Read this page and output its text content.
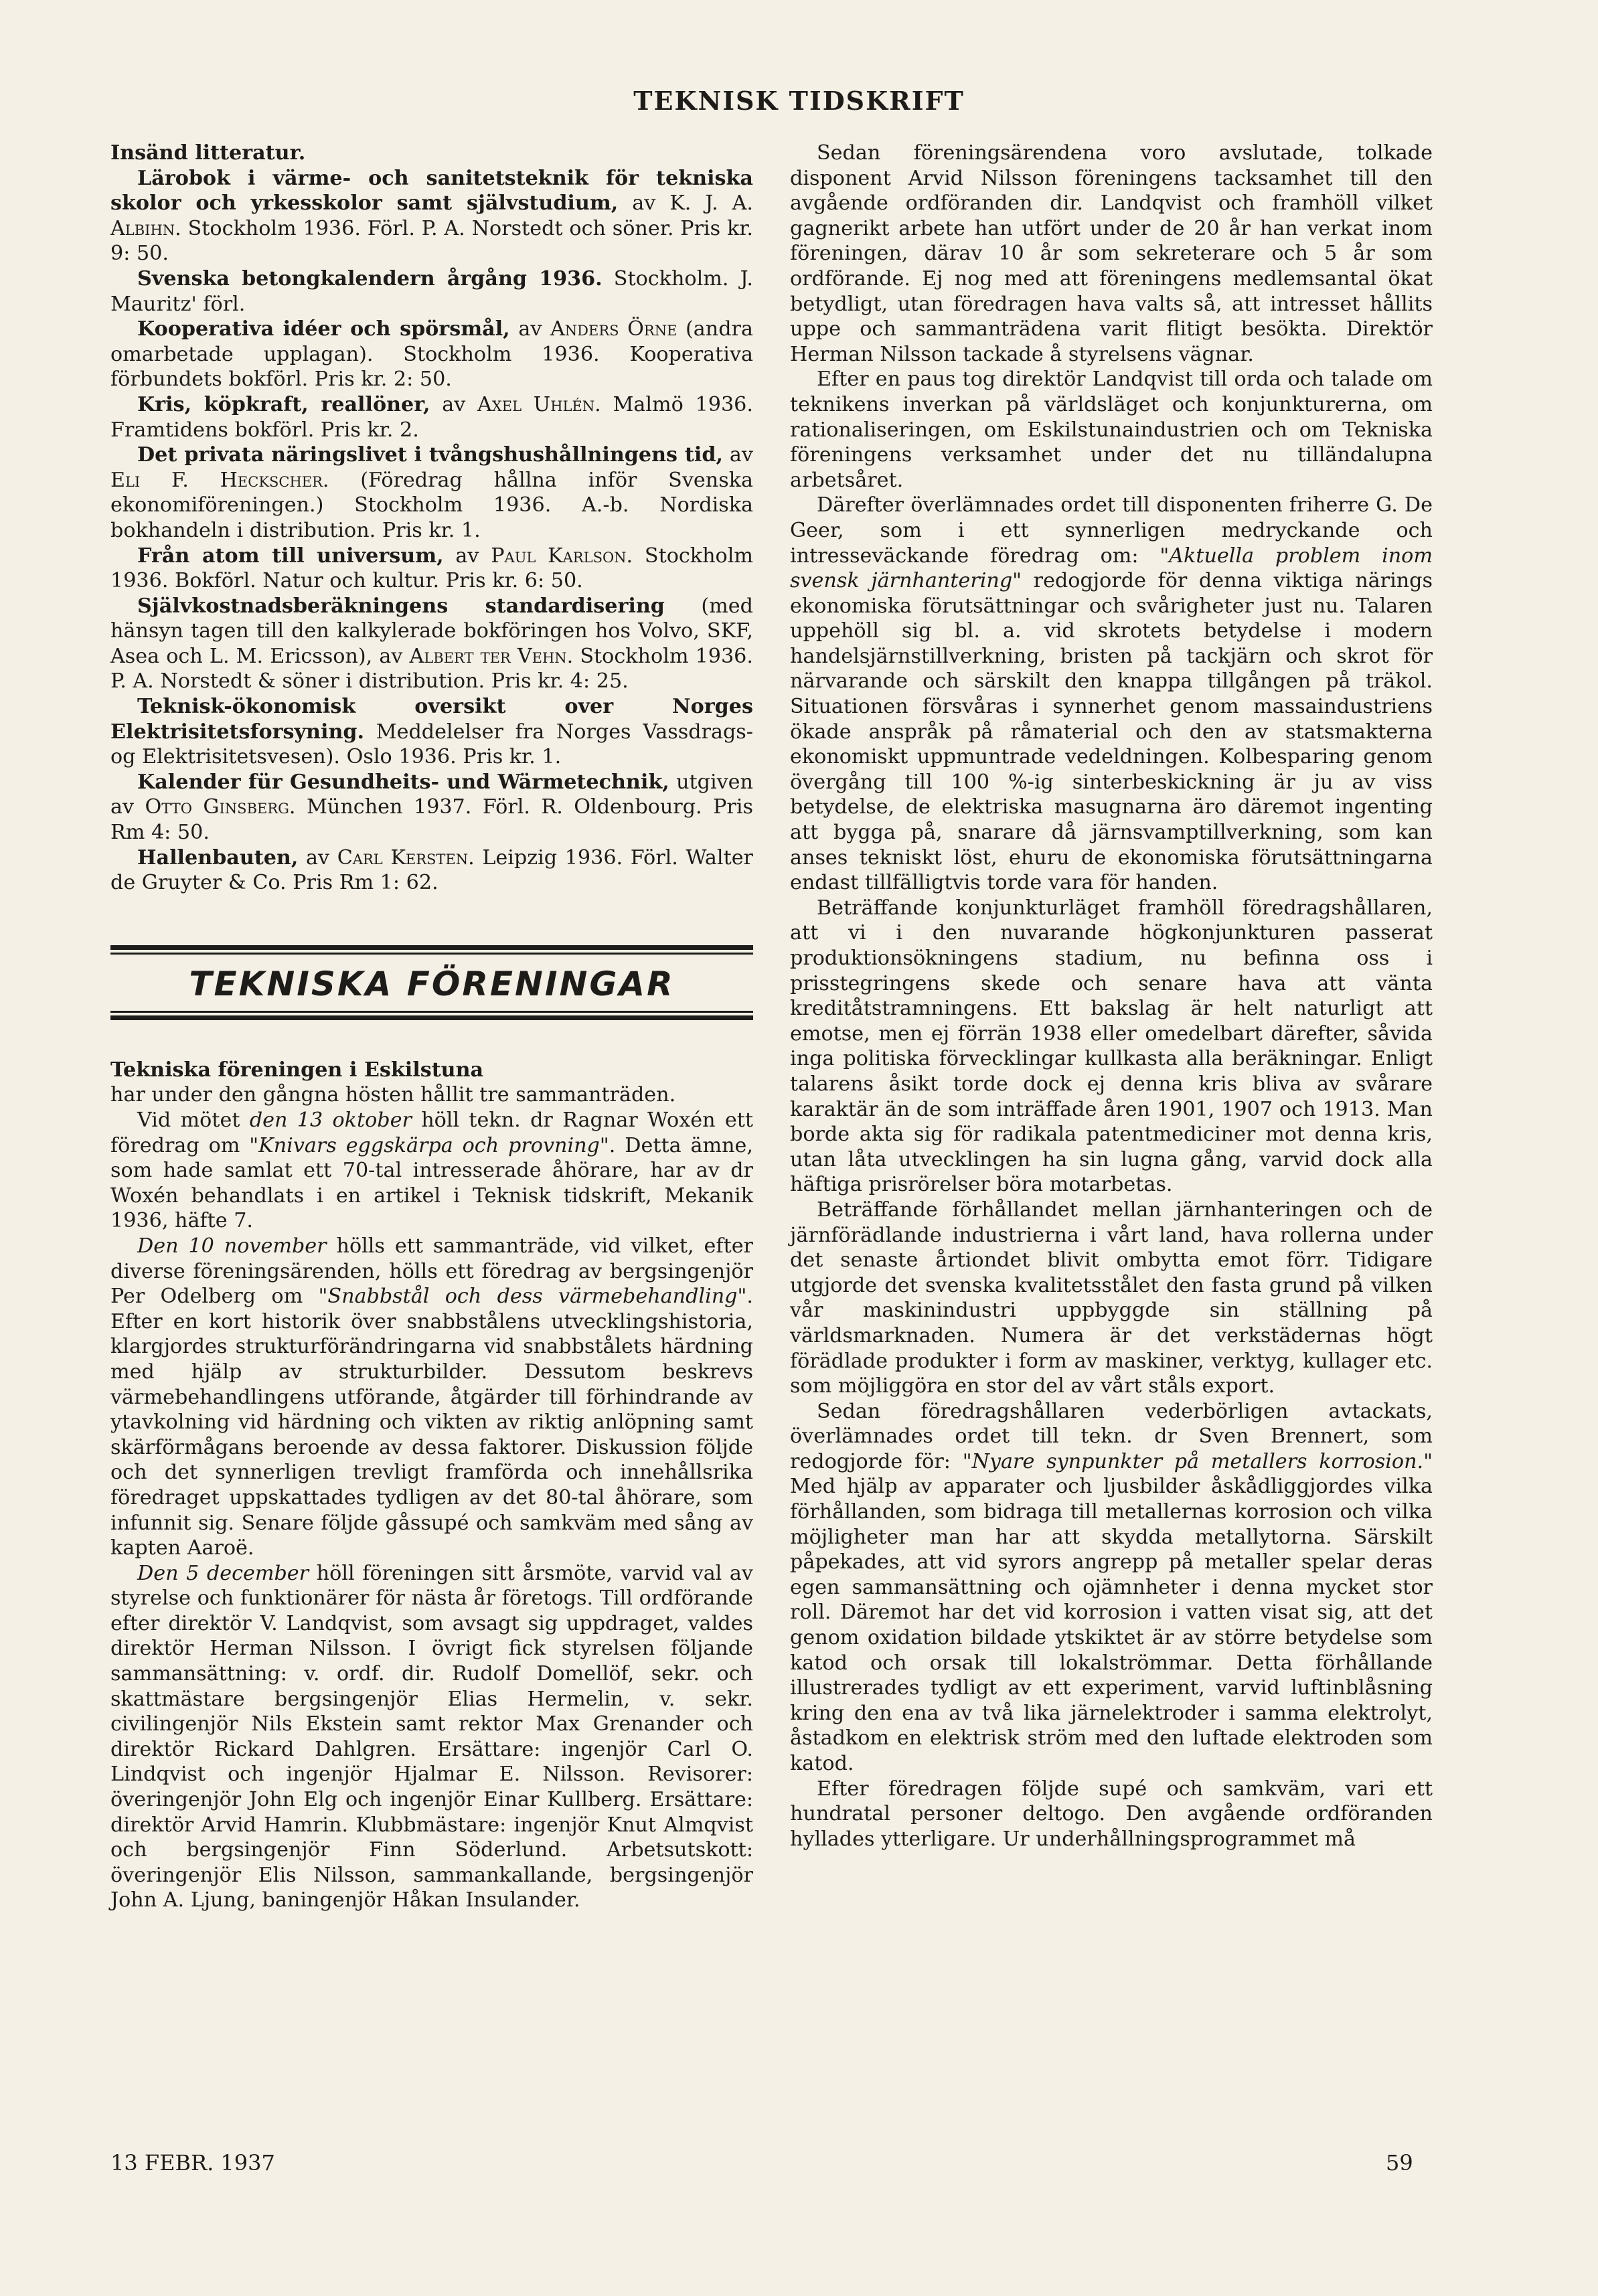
TEKNISK TIDSKRIFT

Insänd litteratur.

Lärobok i värme- och sanitetsteknik för tekniska skolor och yrkesskolor samt självstudium, av K. J. A. Albihn. Stockholm 1936. Förl. P. A. Norstedt och söner. Pris kr. 9: 50.

Svenska betongkalendern årgång 1936. Stockholm. J. Mauritz' förl.

Kooperativa idéer och spörsmål, av Anders Örne (andra omarbetade upplagan). Stockholm 1936. Kooperativa förbundets bokförl. Pris kr. 2: 50.

Kris, köpkraft, reallöner, av Axel Uhlén. Malmö 1936. Framtidens bokförl. Pris kr. 2.

Det privata näringslivet i tvångshushållningens tid, av Eli F. Heckscher. (Föredrag hållna inför Svenska ekonomiföreningen.) Stockholm 1936. A.-b. Nordiska bokhandeln i distribution. Pris kr. 1.

Från atom till universum, av Paul Karlson. Stockholm 1936. Bokförl. Natur och kultur. Pris kr. 6: 50.

Självkostnadsberäkningens standardisering (med hänsyn tagen till den kalkylerade bokföringen hos Volvo, SKF, Asea och L. M. Ericsson), av Albert ter Vehn. Stockholm 1936. P. A. Norstedt & söner i distribution. Pris kr. 4: 25.

Teknisk-ökonomisk oversikt over Norges Elektrisitetsforsyning. Meddelelser fra Norges Vassdrags- og Elektrisitetsvesen). Oslo 1936. Pris kr. 1.

Kalender für Gesundheits- und Wärmetechnik, utgiven av Otto Ginsberg. München 1937. Förl. R. Oldenbourg. Pris Rm 4: 50.

Hallenbauten, av Carl Kersten. Leipzig 1936. Förl. Walter de Gruyter & Co. Pris Rm 1: 62.

TEKNISKA FÖRENINGAR

Tekniska föreningen i Eskilstuna

har under den gångna hösten hållit tre sammanträden.

Vid mötet den 13 oktober höll tekn. dr Ragnar Woxén ett föredrag om "Knivars eggskärpa och provning". Detta ämne, som hade samlat ett 70-tal intresserade åhörare, har av dr Woxén behandlats i en artikel i Teknisk tidskrift, Mekanik 1936, häfte 7.

Den 10 november hölls ett sammanträde, vid vilket, efter diverse föreningsärenden, hölls ett föredrag av bergsingenjör Per Odelberg om "Snabbstål och dess värmebehandling". Efter en kort historik över snabbstålens utvecklingshistoria, klargjordes strukturförändringarna vid snabbstålets härdning med hjälp av strukturbilder. Dessutom beskrevs värmebehandlingens utförande, åtgärder till förhindrande av ytavkolning vid härdning och vikten av riktig anlöpning samt skärförmågans beroende av dessa faktorer. Diskussion följde och det synnerligen trevligt framförda och innehållsrika föredraget uppskattades tydligen av det 80-tal åhörare, som infunnit sig. Senare följde gåssupé och samkväm med sång av kapten Aaroë.

Den 5 december höll föreningen sitt årsmöte, varvid val av styrelse och funktionärer för nästa år företogs. Till ordförande efter direktör V. Landqvist, som avsagt sig uppdraget, valdes direktör Herman Nilsson. I övrigt fick styrelsen följande sammansättning: v. ordf. dir. Rudolf Domellöf, sekr. och skattmästare bergsingenjör Elias Hermelin, v. sekr. civilingenjör Nils Ekstein samt rektor Max Grenander och direktör Rickard Dahlgren. Ersättare: ingenjör Carl O. Lindqvist och ingenjör Hjalmar E. Nilsson. Revisorer: överingenjör John Elg och ingenjör Einar Kullberg. Ersättare: direktör Arvid Hamrin. Klubbmästare: ingenjör Knut Almqvist och bergsingenjör Finn Söderlund. Arbetsutskott: överingenjör Elis Nilsson, sammankallande, bergsingenjör John A. Ljung, baningenjör Håkan Insulander.

Sedan föreningsärendena voro avslutade, tolkade disponent Arvid Nilsson föreningens tacksamhet till den avgående ordföranden dir. Landqvist och framhöll vilket gagnerikt arbete han utfört under de 20 år han verkat inom föreningen, därav 10 år som sekreterare och 5 år som ordförande. Ej nog med att föreningens medlemsantal ökat betydligt, utan föredragen hava valts så, att intresset hållits uppe och sammanträdena varit flitigt besökta. Direktör Herman Nilsson tackade å styrelsens vägnar.

Efter en paus tog direktör Landqvist till orda och talade om teknikens inverkan på världsläget och konjunkturerna, om rationaliseringen, om Eskilstunaindustrien och om Tekniska föreningens verksamhet under det nu tilländalupna arbetsåret.

Därefter överlämnades ordet till disponenten friherre G. De Geer, som i ett synnerligen medryckande och intresseväckande föredrag om: "Aktuella problem inom svensk järnhantering" redogjorde för denna viktiga närings ekonomiska förutsättningar och svårigheter just nu. Talaren uppehöll sig bl. a. vid skrotets betydelse i modern handelsjärnstillverkning, bristen på tackjärn och skrot för närvarande och särskilt den knappa tillgången på träkol. Situationen försvåras i synnerhet genom massaindustriens ökade anspråk på råmaterial och den av statsmakterna ekonomiskt uppmuntrade vedeldningen. Kolbesparing genom övergång till 100 %-ig sinterbeskickning är ju av viss betydelse, de elektriska masugnarna äro däremot ingenting att bygga på, snarare då järnsvamptillverkning, som kan anses tekniskt löst, ehuru de ekonomiska förutsättningarna endast tillfälligtvis torde vara för handen.

Beträffande konjunkturläget framhöll föredragshållaren, att vi i den nuvarande högkonjunkturen passerat produktionsökningens stadium, nu befinna oss i prisstegringens skede och senare hava att vänta kreditåtstramningens. Ett bakslag är helt naturligt att emotse, men ej förrän 1938 eller omedelbart därefter, såvida inga politiska förvecklingar kullkasta alla beräkningar. Enligt talarens åsikt torde dock ej denna kris bliva av svårare karaktär än de som inträffade åren 1901, 1907 och 1913. Man borde akta sig för radikala patentmediciner mot denna kris, utan låta utvecklingen ha sin lugna gång, varvid dock alla häftiga prisrörelser böra motarbetas.

Beträffande förhållandet mellan järnhanteringen och de järnförädlande industrierna i vårt land, hava rollerna under det senaste årtiondet blivit ombytta emot förr. Tidigare utgjorde det svenska kvalitetsstålet den fasta grund på vilken vår maskinindustri uppbyggde sin ställning på världsmarknaden. Numera är det verkstädernas högt förädlade produkter i form av maskiner, verktyg, kullager etc. som möjliggöra en stor del av vårt ståls export.

Sedan föredragshållaren vederbörligen avtackats, överlämnades ordet till tekn. dr Sven Brennert, som redogjorde för: "Nyare synpunkter på metallers korrosion." Med hjälp av apparater och ljusbilder åskådliggjordes vilka förhållanden, som bidraga till metallernas korrosion och vilka möjligheter man har att skydda metallytorna. Särskilt påpekades, att vid syrors angrepp på metaller spelar deras egen sammansättning och ojämnheter i denna mycket stor roll. Däremot har det vid korrosion i vatten visat sig, att det genom oxidation bildade ytskiktet är av större betydelse som katod och orsak till lokalströmmar. Detta förhållande illustrerades tydligt av ett experiment, varvid luftinblåsning kring den ena av två lika järnelektroder i samma elektrolyt, åstadkom en elektrisk ström med den luftade elektroden som katod.

Efter föredragen följde supé och samkväm, vari ett hundratal personer deltogo. Den avgående ordföranden hyllades ytterligare. Ur underhållningsprogrammet må

13 FEBR. 1937	59
